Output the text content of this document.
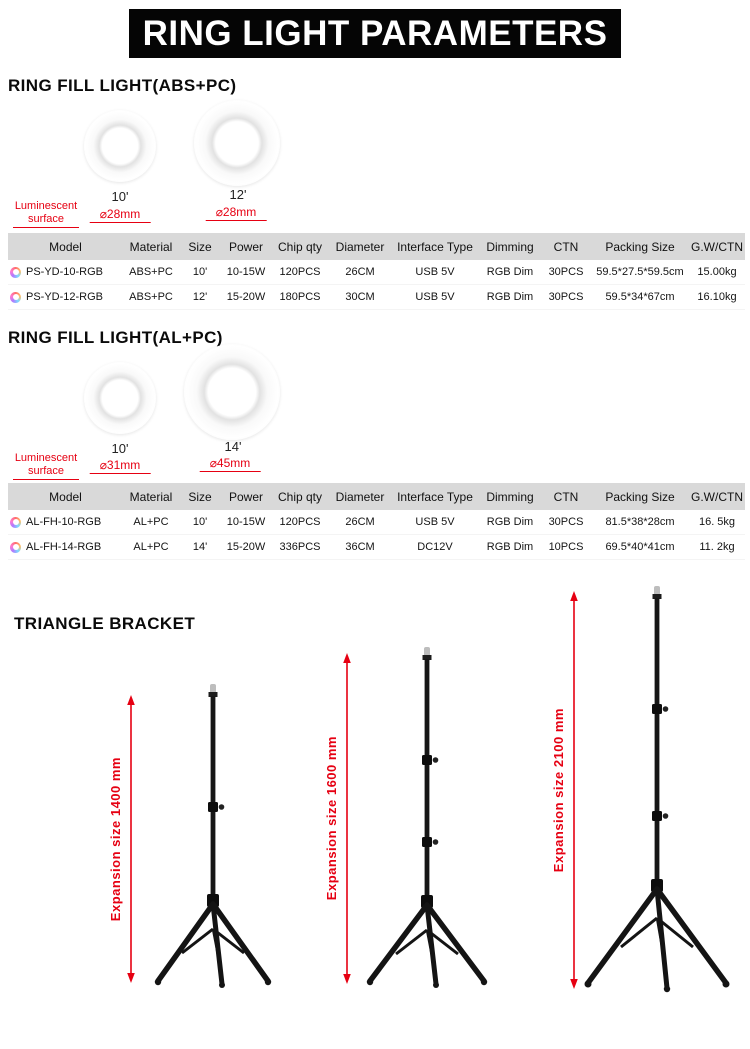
RING LIGHT PARAMETERS
RING FILL LIGHT(ABS+PC)
10'	12'
⌀28mm	⌀28mm
Luminescent surface
Model	Material	Size	Power	Chip qty	Diameter	Interface Type	Dimming	CTN	Packing Size	G.W/CTN
PS-YD-10-RGB	ABS+PC	10'	10-15W	120PCS	26CM	USB 5V	RGB Dim	30PCS	59.5*27.5*59.5cm	15.00kg
PS-YD-12-RGB	ABS+PC	12'	15-20W	180PCS	30CM	USB 5V	RGB Dim	30PCS	59.5*34*67cm	16.10kg
RING FILL LIGHT(AL+PC)
10'	14'
⌀31mm	⌀45mm
Luminescent surface
Model	Material	Size	Power	Chip qty	Diameter	Interface Type	Dimming	CTN	Packing Size	G.W/CTN
AL-FH-10-RGB	AL+PC	10'	10-15W	120PCS	26CM	USB 5V	RGB Dim	30PCS	81.5*38*28cm	16. 5kg
AL-FH-14-RGB	AL+PC	14'	15-20W	336PCS	36CM	DC12V	RGB Dim	10PCS	69.5*40*41cm	11. 2kg
TRIANGLE BRACKET
Expansion size 1400 mm	Expansion size 1600 mm	Expansion size 2100 mm
